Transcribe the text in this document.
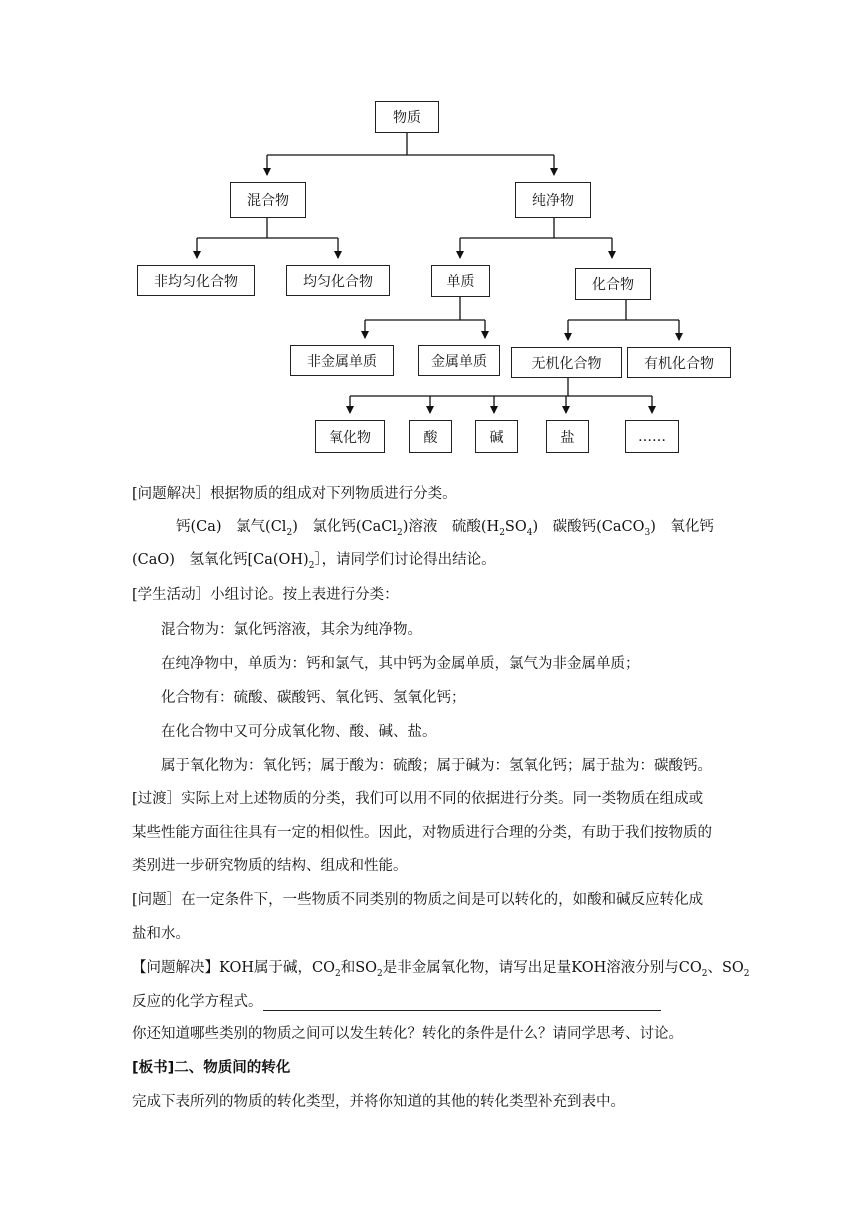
物质
混合物	纯净物
非均匀化合物	均匀化合物	单质	化合物
非金属单质	金属单质	无机化合物	有机化合物
氧化物	酸	碱	盐	……
[问题解决］根据物质的组成对下列物质进行分类。
钙(Ca)　氯气$(Cl_2)$　氯化钙(CaCl$_2$)溶液　硫酸$(H_2SO_4)$　碳酸钙(CaCO$_3$)　氧化钙
(CaO)　氢氧化钙[$Ca(OH)_2]$，请同学们讨论得出结论。
[学生活动］小组讨论。按上表进行分类：
混合物为：氯化钙溶液，其余为纯净物。
在纯净物中，单质为：钙和氯气，其中钙为金属单质，氯气为非金属单质；
化合物有：硫酸、碳酸钙、氧化钙、氢氧化钙；
在化合物中又可分成氧化物、酸、碱、盐。
属于氧化物为：氧化钙；属于酸为：硫酸；属于碱为：氢氧化钙；属于盐为：碳酸钙。
[过渡］实际上对上述物质的分类，我们可以用不同的依据进行分类。同一类物质在组成或
某些性能方面往往具有一定的相似性。因此，对物质进行合理的分类，有助于我们按物质的
类别进一步研究物质的结构、组成和性能。
[问题］在一定条件下，一些物质不同类别的物质之间是可以转化的，如酸和碱反应转化成
盐和水。
【问题解决】KOH属于碱，$CO_2$和$SO_2$是非金属氧化物，请写出足量KOH溶液分别与$CO_2$、$SO_2$
反应的化学方程式。
你还知道哪些类别的物质之间可以发生转化？转化的条件是什么？请同学思考、讨论。
[板书]二、物质间的转化
完成下表所列的物质的转化类型，并将你知道的其他的转化类型补充到表中。
